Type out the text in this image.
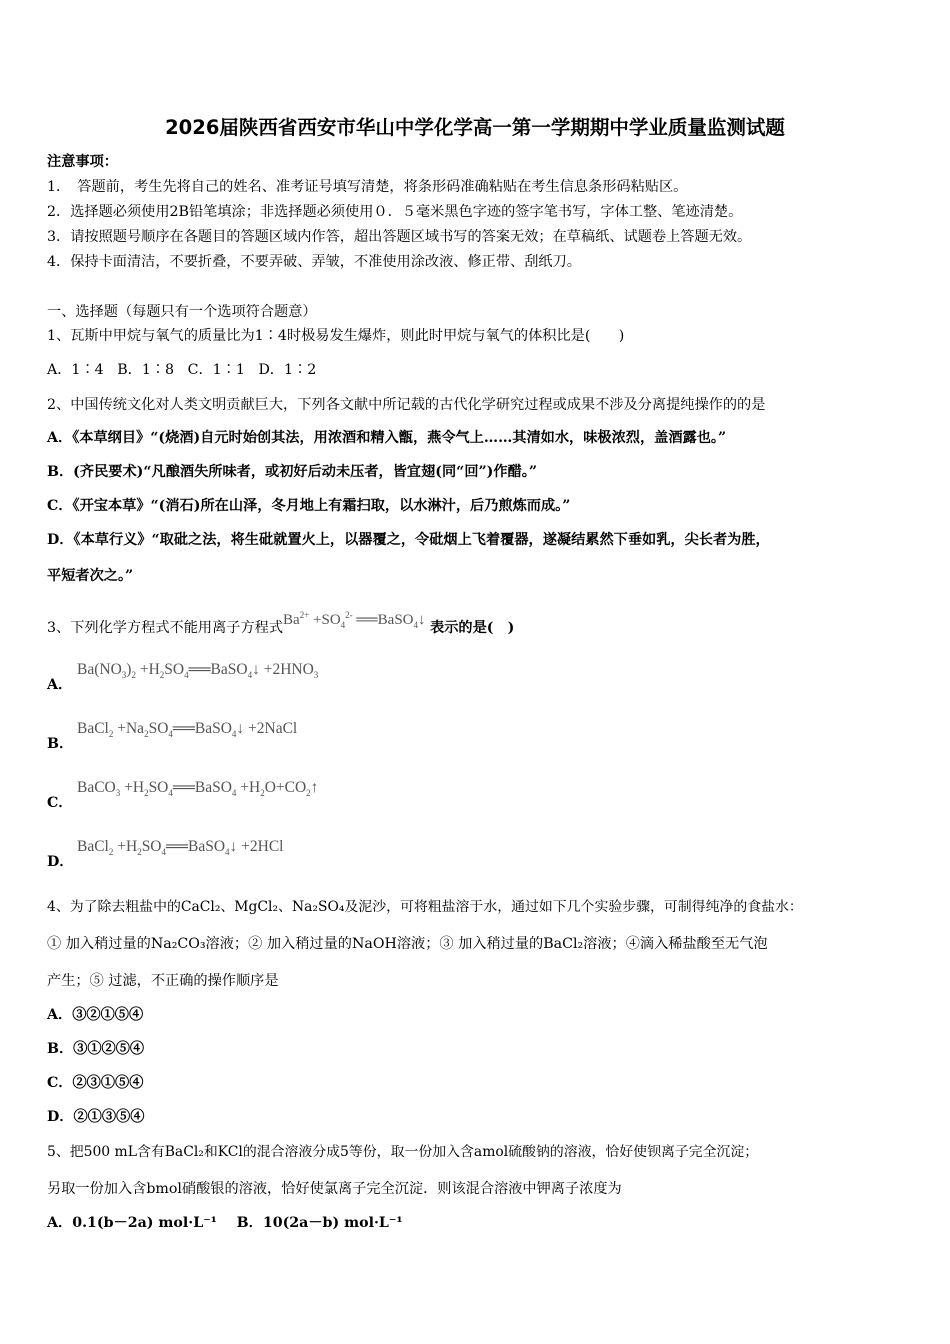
2026届陕西省西安市华山中学化学高一第一学期期中学业质量监测试题
注意事项：
1．　答题前，考生先将自己的姓名、准考证号填写清楚，将条形码准确粘贴在考生信息条形码粘贴区。
2．选择题必须使用2B铅笔填涂；非选择题必须使用０．５毫米黑色字迹的签字笔书写，字体工整、笔迹清楚。
3．请按照题号顺序在各题目的答题区域内作答，超出答题区域书写的答案无效；在草稿纸、试题卷上答题无效。
4．保持卡面清洁，不要折叠，不要弄破、弄皱，不准使用涂改液、修正带、刮纸刀。
一、选择题（每题只有一个选项符合题意）
1、瓦斯中甲烷与氧气的质量比为1∶4时极易发生爆炸，则此时甲烷与氧气的体积比是(　　)
A．1∶4 B．1∶8 C．1∶1 D．1∶2
2、中国传统文化对人类文明贡献巨大，下列各文献中所记载的古代化学研究过程或成果不涉及分离提纯操作的的是
A．《本草纲目》“(烧酒)自元时始创其法，用浓酒和精入甑，燕令气上……其清如水，味极浓烈，盖酒露也。”
B．(齐民要术)“凡酿酒失所味者，或初好后动未压者，皆宜翅(同“回”)作醋。”
C．《开宝本草》“(消石)所在山泽，冬月地上有霜扫取，以水淋汁，后乃煎炼而成。”
D．《本草行义》“取砒之法，将生砒就置火上，以器覆之，令砒烟上飞着覆器，遂凝结累然下垂如乳，尖长者为胜，
平短者次之。”
3、下列化学方程式不能用离子方程式$Ba^{2+} +SO_4^{2-}$ ══BaSO$_4$↓ 表示的是(　)
A．
$Ba(NO_3)_2$ $+H_2SO_4══BaSO_4↓ +2HNO_3$
B．
BaCl$_2$ $+Na_2SO_4══BaSO_4↓$ +2NaCl
C．
BaCO$_3$ $+H_2SO_4══BaSO_4$ $+H_2O+CO_2↑$
D．
BaCl$_2$ $+H_2SO_4══BaSO_4↓ +2HCl$
4、为了除去粗盐中的CaCl₂、MgCl₂、Na₂SO₄及泥沙，可将粗盐溶于水，通过如下几个实验步骤，可制得纯净的食盐水：
① 加入稍过量的Na₂CO₃溶液；② 加入稍过量的NaOH溶液；③ 加入稍过量的BaCl₂溶液；④滴入稀盐酸至无气泡
产生；⑤ 过滤，不正确的操作顺序是
A．③②①⑤④
B．③①②⑤④
C．②③①⑤④
D．②①③⑤④
5、把500 mL含有BaCl₂和KCl的混合溶液分成5等份，取一份加入含amol硫酸钠的溶液，恰好使钡离子完全沉淀；
另取一份加入含bmol硝酸银的溶液，恰好使氯离子完全沉淀．则该混合溶液中钾离子浓度为
A．0.1(b－2a) mol·L⁻¹ B．10(2a－b) mol·L⁻¹
